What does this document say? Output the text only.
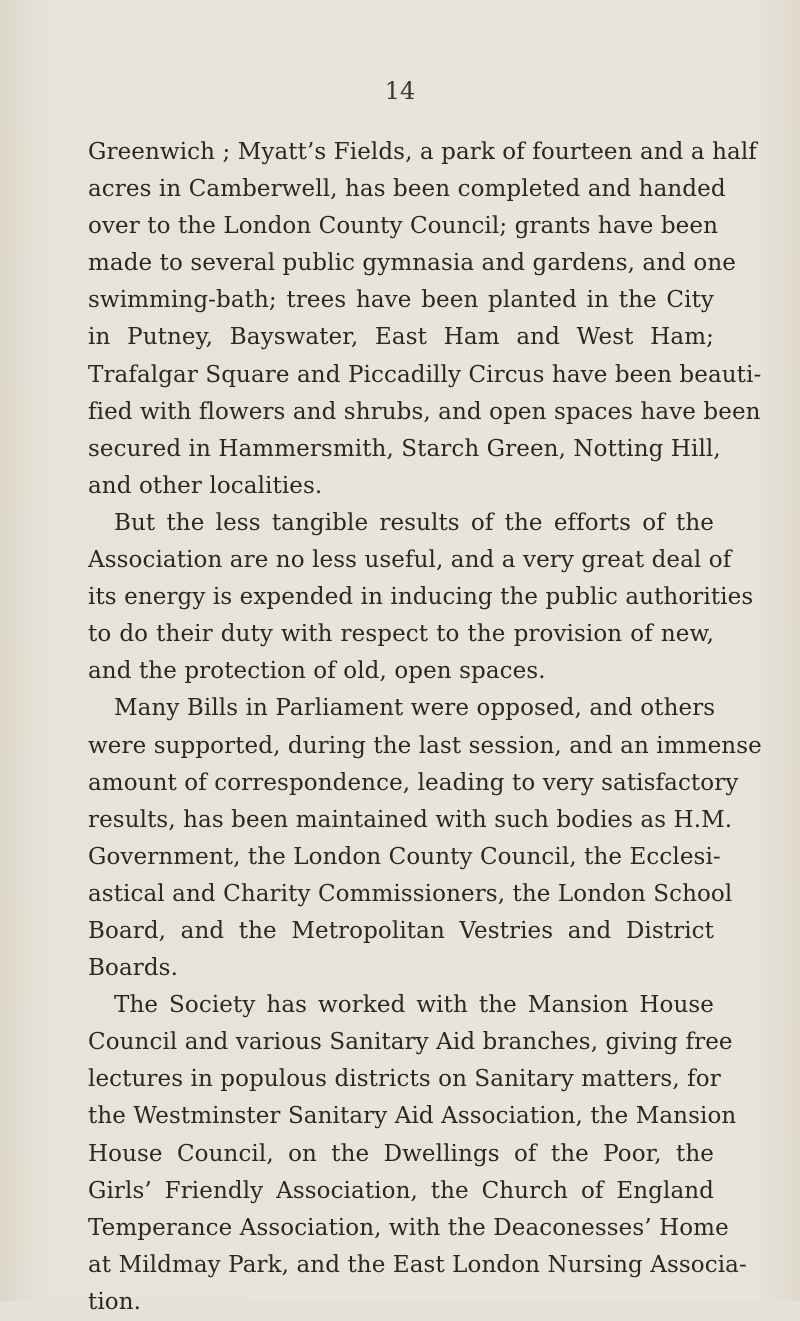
14
Greenwich ; Myatt’s Fields, a park of fourteen and a half
acres in Camberwell, has been completed and handed
over to the London County Council; grants have been
made to several public gymnasia and gardens, and one
swimming-bath; trees have been planted in the City
in Putney, Bayswater, East Ham and West Ham;
Trafalgar Square and Piccadilly Circus have been beauti-
fied with flowers and shrubs, and open spaces have been
secured in Hammersmith, Starch Green, Notting Hill,
and other localities.
But the less tangible results of the efforts of the
Association are no less useful, and a very great deal of
its energy is expended in inducing the public authorities
to do their duty with respect to the provision of new,
and the protection of old, open spaces.
Many Bills in Parliament were opposed, and others
were supported, during the last session, and an immense
amount of correspondence, leading to very satisfactory
results, has been maintained with such bodies as H.M.
Government, the London County Council, the Ecclesi-
astical and Charity Commissioners, the London School
Board, and the Metropolitan Vestries and District
Boards.
The Society has worked with the Mansion House
Council and various Sanitary Aid branches, giving free
lectures in populous districts on Sanitary matters, for
the Westminster Sanitary Aid Association, the Mansion
House Council, on the Dwellings of the Poor, the
Girls’ Friendly Association, the Church of England
Temperance Association, with the Deaconesses’ Home
at Mildmay Park, and the East London Nursing Associa-
tion.
